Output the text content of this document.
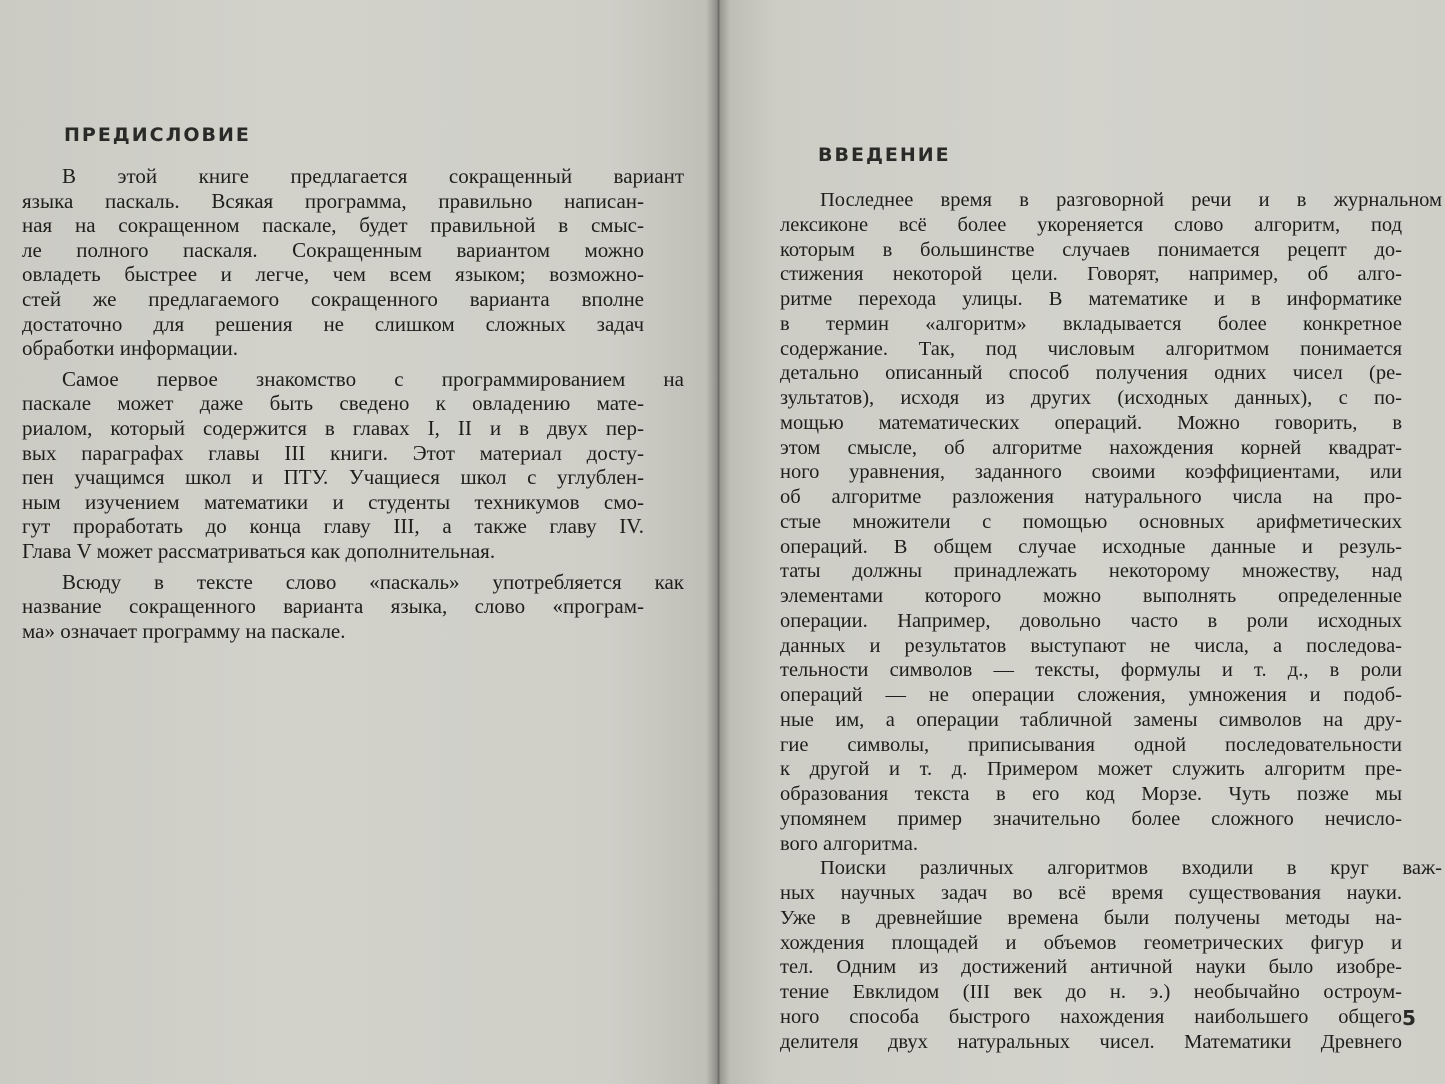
ПРЕДИСЛОВИЕ
В этой книге предлагается сокращенный вариант
языка паскаль. Всякая программа, правильно написан-
ная на сокращенном паскале, будет правильной в смыс-
ле полного паскаля. Сокращенным вариантом можно
овладеть быстрее и легче, чем всем языком; возможно-
стей же предлагаемого сокращенного варианта вполне
достаточно для решения не слишком сложных задач
обработки информации.
Самое первое знакомство с программированием на
паскале может даже быть сведено к овладению мате-
риалом, который содержится в главах I, II и в двух пер-
вых параграфах главы III книги. Этот материал досту-
пен учащимся школ и ПТУ. Учащиеся школ с углублен-
ным изучением математики и студенты техникумов смо-
гут проработать до конца главу III, а также главу IV.
Глава V может рассматриваться как дополнительная.
Всюду в тексте слово «паскаль» употребляется как
название сокращенного варианта языка, слово «програм-
ма» означает программу на паскале.
ВВЕДЕНИЕ
Последнее время в разговорной речи и в журнальном
лексиконе всё более укореняется слово алгоритм, под
которым в большинстве случаев понимается рецепт до-
стижения некоторой цели. Говорят, например, об алго-
ритме перехода улицы. В математике и в информатике
в термин «алгоритм» вкладывается более конкретное
содержание. Так, под числовым алгоритмом понимается
детально описанный способ получения одних чисел (ре-
зультатов), исходя из других (исходных данных), с по-
мощью математических операций. Можно говорить, в
этом смысле, об алгоритме нахождения корней квадрат-
ного уравнения, заданного своими коэффициентами, или
об алгоритме разложения натурального числа на про-
стые множители с помощью основных арифметических
операций. В общем случае исходные данные и резуль-
таты должны принадлежать некоторому множеству, над
элементами которого можно выполнять определенные
операции. Например, довольно часто в роли исходных
данных и результатов выступают не числа, а последова-
тельности символов — тексты, формулы и т. д., в роли
операций — не операции сложения, умножения и подоб-
ные им, а операции табличной замены символов на дру-
гие символы, приписывания одной последовательности
к другой и т. д. Примером может служить алгоритм пре-
образования текста в его код Морзе. Чуть позже мы
упомянем пример значительно более сложного нечисло-
вого алгоритма.
Поиски различных алгоритмов входили в круг важ-
ных научных задач во всё время существования науки.
Уже в древнейшие времена были получены методы на-
хождения площадей и объемов геометрических фигур и
тел. Одним из достижений античной науки было изобре-
тение Евклидом (III век до н. э.) необычайно остроум-
ного способа быстрого нахождения наибольшего общего
делителя двух натуральных чисел. Математики Древнего
5
